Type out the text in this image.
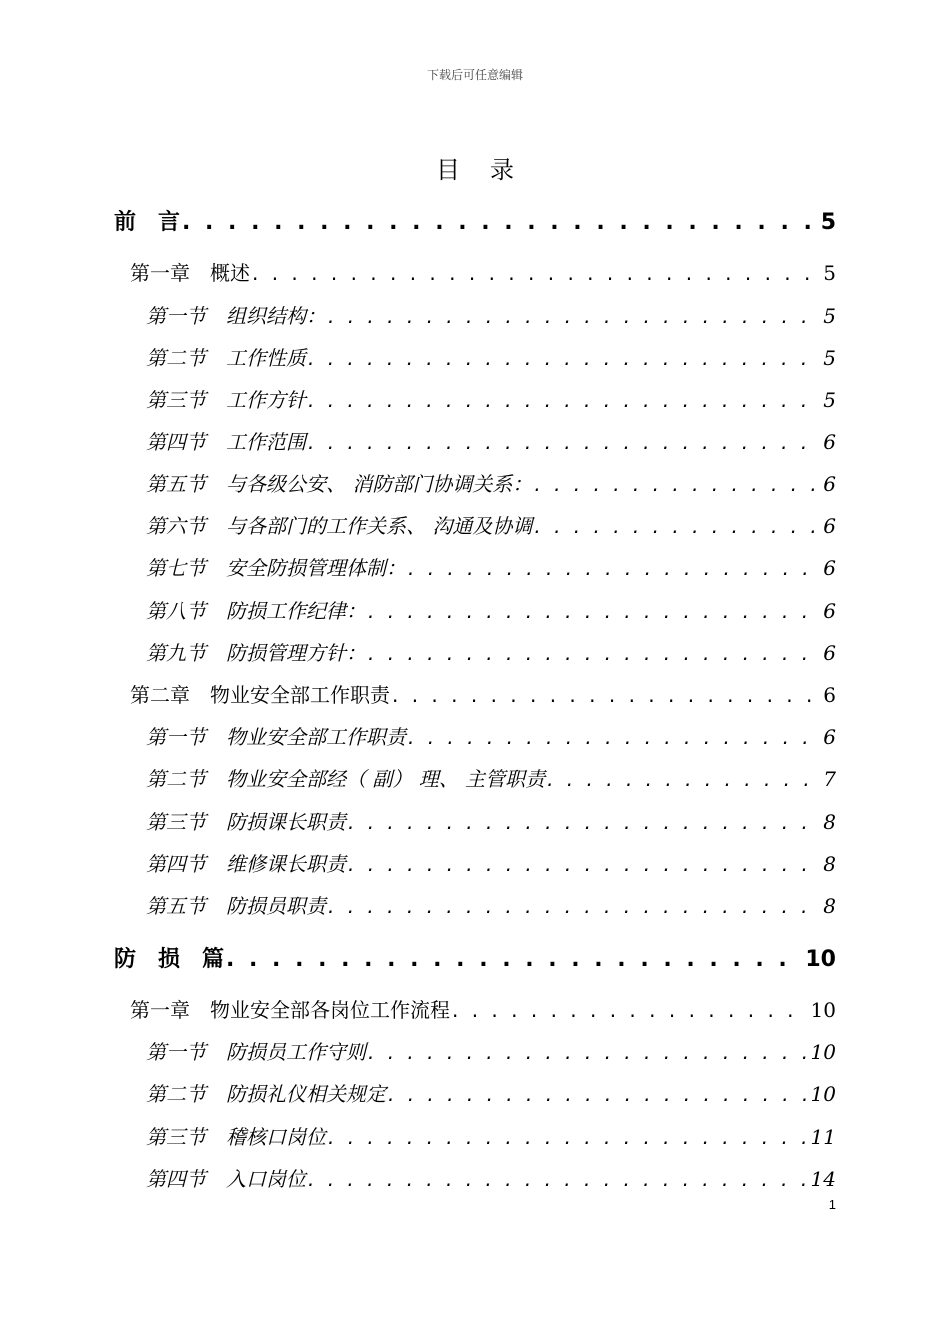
下载后可任意编辑
目录
前　言 . . .	5
第一章　概述 . . .	5
第一节　组织结构： . . .	5
第二节　工作性质 . . .	5
第三节　工作方针 . . .	5
第四节　工作范围 . . .	6
第五节　与各级公安、 消防部门协调关系： . . .	6
第六节　与各部门的工作关系、 沟通及协调 . . .	6
第七节　安全防损管理体制： . . .	6
第八节　防损工作纪律： . . .	6
第九节　防损管理方针： . . .	6
第二章　物业安全部工作职责 . . .	6
第一节　物业安全部工作职责 . . .	6
第二节　物业安全部经（ 副） 理、 主管职责 . . .	7
第三节　防损课长职责 . . .	8
第四节　维修课长职责 . . .	8
第五节　防损员职责 . . .	8
防　损　篇 . . .	10
第一章　物业安全部各岗位工作流程 . . .	10
第一节　防损员工作守则 . . .	10
第二节　防损礼仪相关规定 . . .	10
第三节　稽核口岗位 . . .	11
第四节　入口岗位 . . .	14
1
